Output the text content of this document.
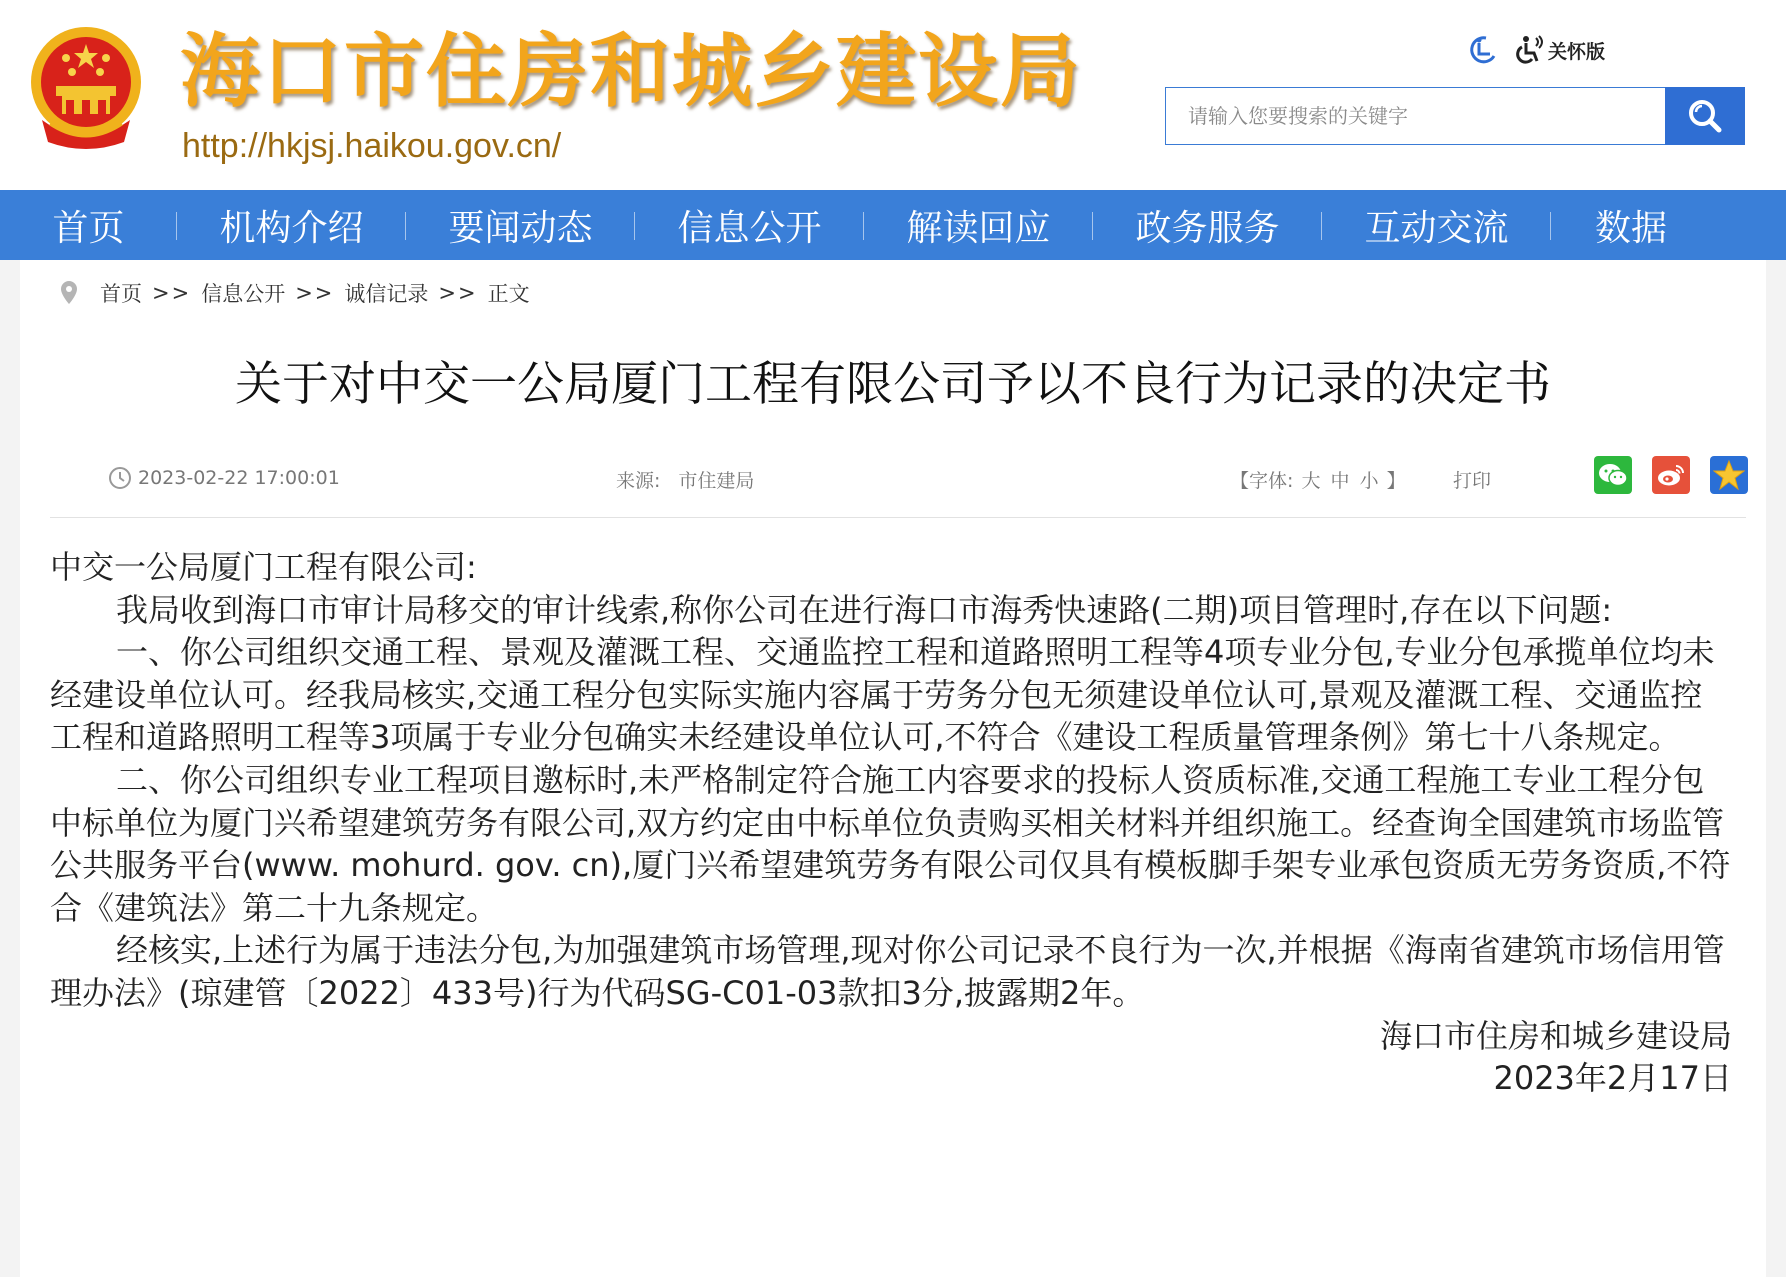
海口市住房和城乡建设局
http://hkjsj.haikou.gov.cn/
关怀版
请输入您要搜索的关键字
首页	机构介绍 要闻动态 信息公开 解读回应 政务服务 互动交流 数据
首页 >> 信息公开 >> 诚信记录 >> 正文
关于对中交一公局厦门工程有限公司予以不良行为记录的决定书
2023-02-22 17:00:01	来源: 市住建局	【字体: 大 中 小 】 打印

中交一公局厦门工程有限公司:

我局收到海口市审计局移交的审计线索,称你公司在进行海口市海秀快速路(二期)项目管理时,存在以下问题:

一、你公司组织交通工程、景观及灌溉工程、交通监控工程和道路照明工程等4项专业分包,专业分包承揽单位均未经建设单位认可。经我局核实,交通工程分包实际实施内容属于劳务分包无须建设单位认可,景观及灌溉工程、交通监控工程和道路照明工程等3项属于专业分包确实未经建设单位认可,不符合《建设工程质量管理条例》第七十八条规定。

二、你公司组织专业工程项目邀标时,未严格制定符合施工内容要求的投标人资质标准,交通工程施工专业工程分包中标单位为厦门兴希望建筑劳务有限公司,双方约定由中标单位负责购买相关材料并组织施工。经查询全国建筑市场监管公共服务平台(www. mohurd. gov. cn),厦门兴希望建筑劳务有限公司仅具有模板脚手架专业承包资质无劳务资质,不符合《建筑法》第二十九条规定。

经核实,上述行为属于违法分包,为加强建筑市场管理,现对你公司记录不良行为一次,并根据《海南省建筑市场信用管理办法》(琼建管〔2022〕433号)行为代码SG-C01-03款扣3分,披露期2年。

海口市住房和城乡建设局

2023年2月17日
